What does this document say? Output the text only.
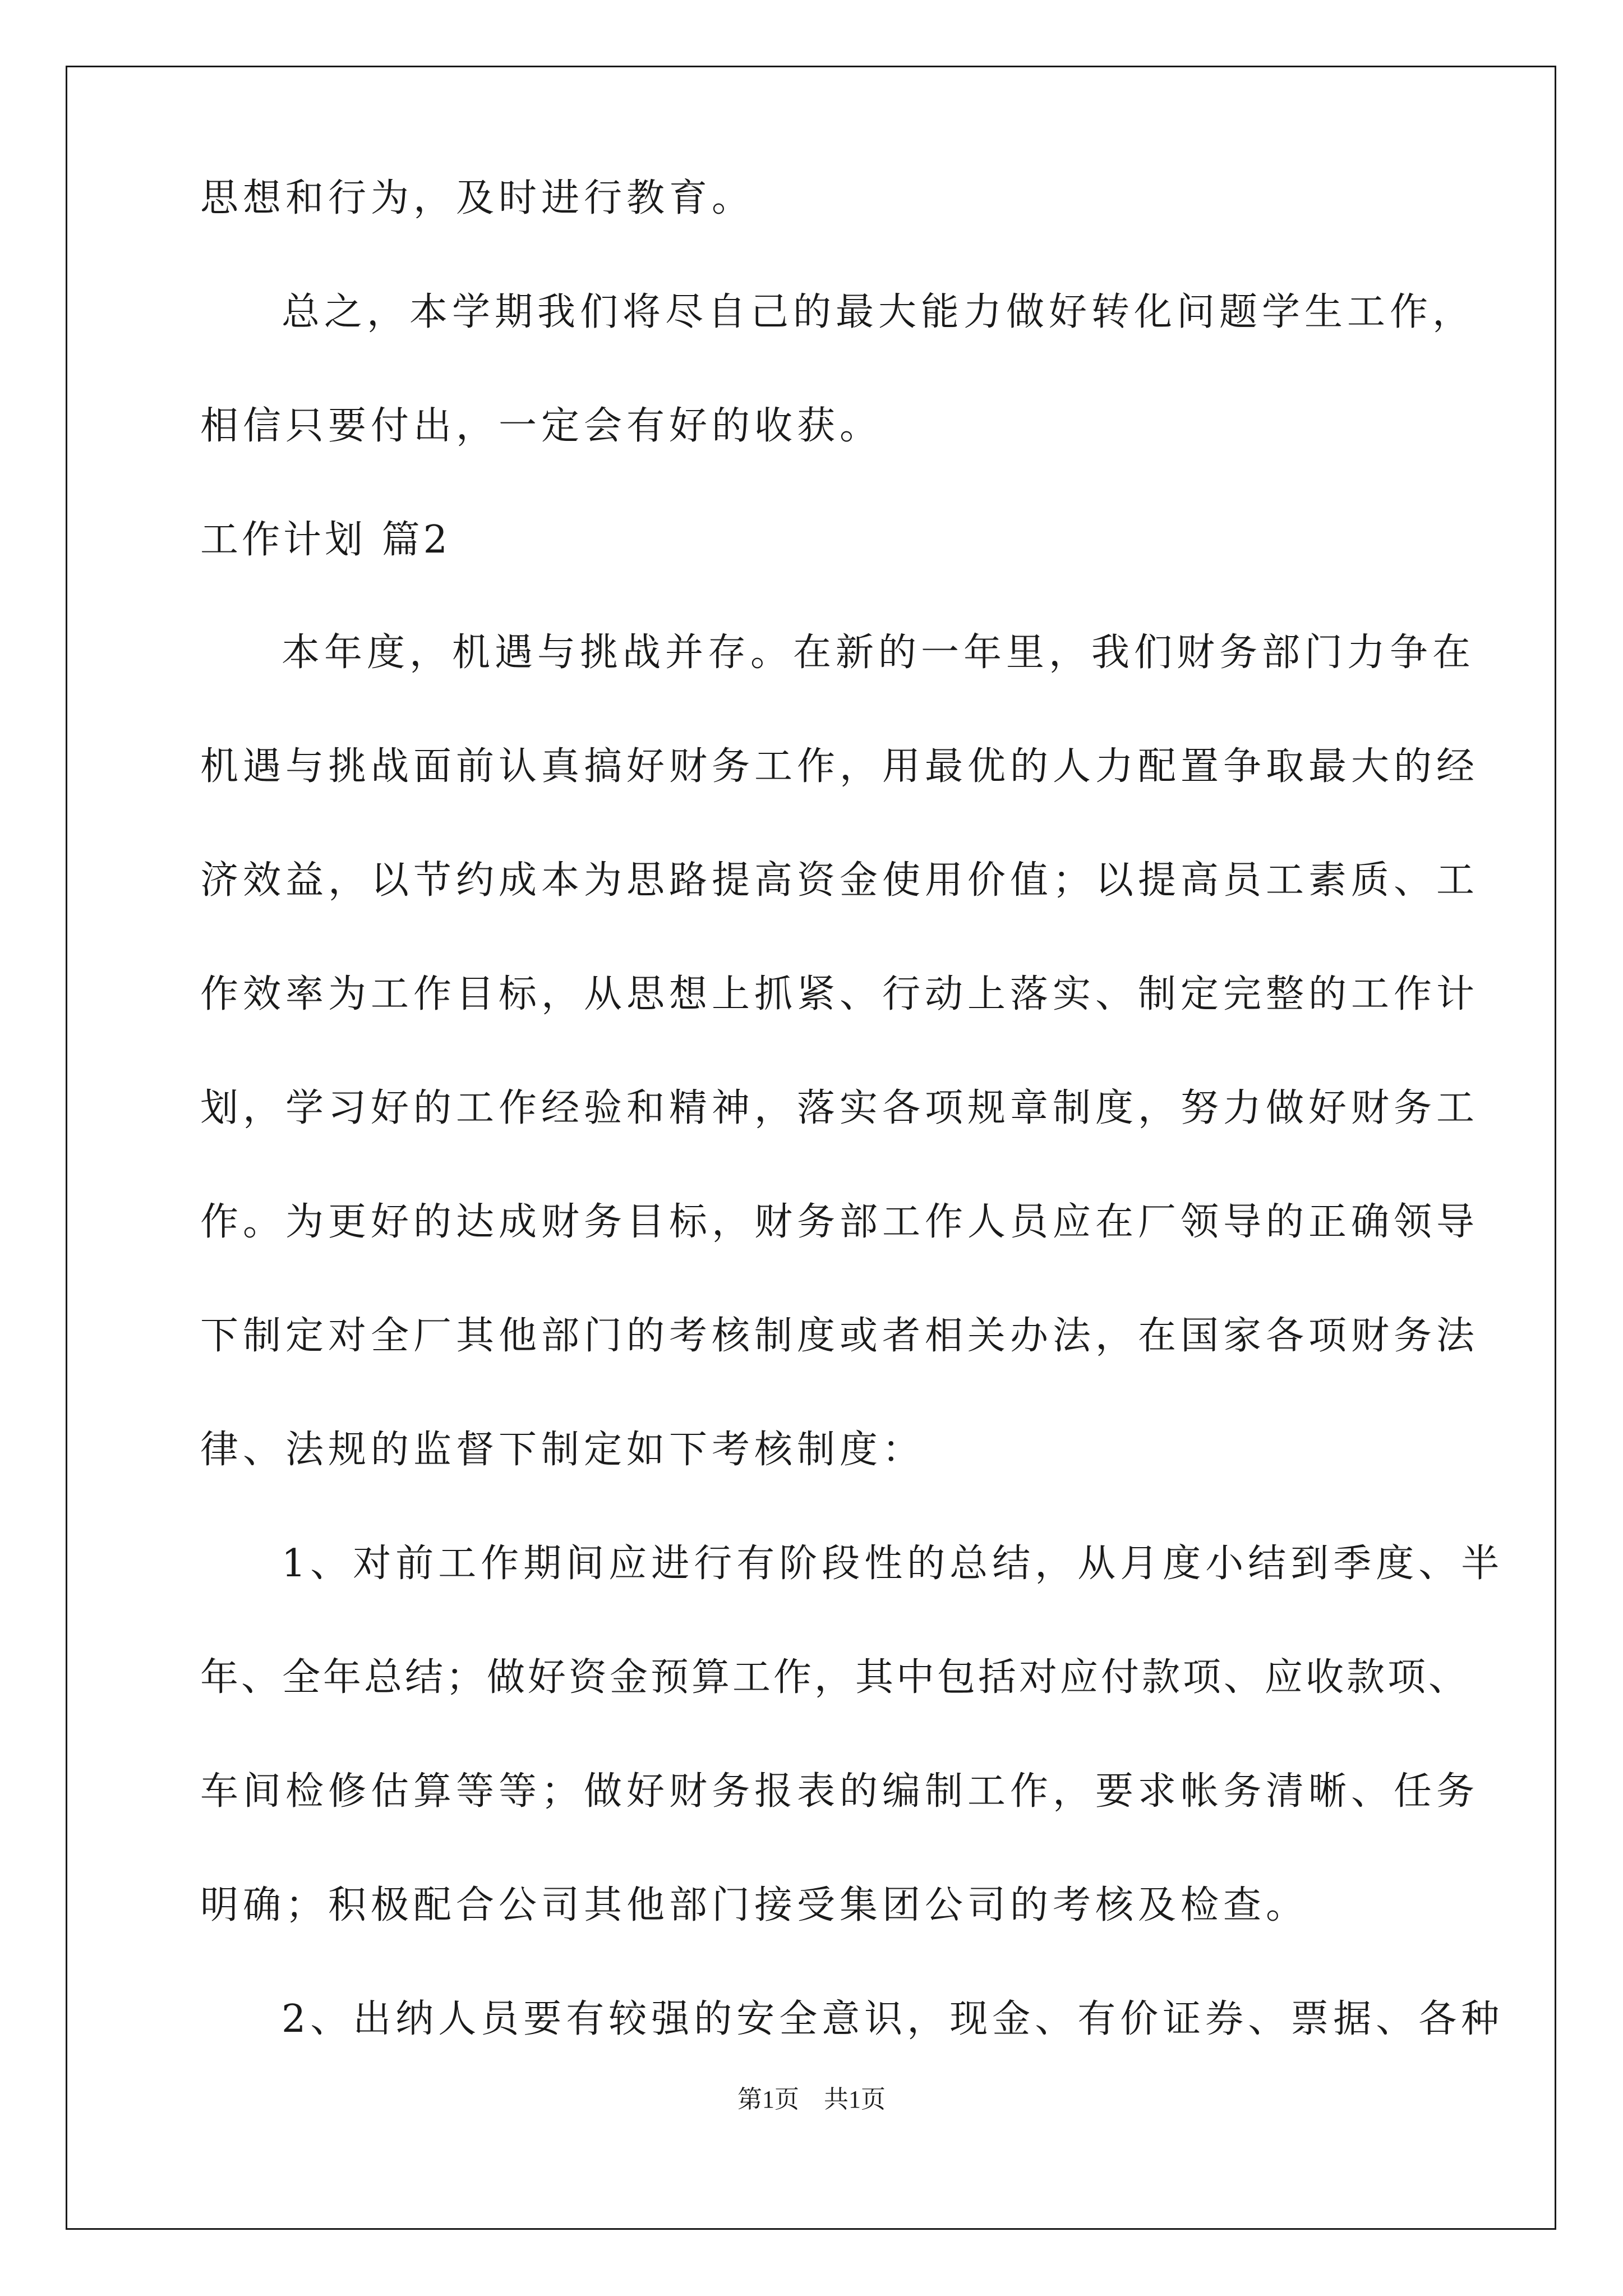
思想和行为，及时进行教育。
总之，本学期我们将尽自己的最大能力做好转化问题学生工作，
相信只要付出，一定会有好的收获。
工作计划 篇2
本年度，机遇与挑战并存。在新的一年里，我们财务部门力争在
机遇与挑战面前认真搞好财务工作，用最优的人力配置争取最大的经
济效益，以节约成本为思路提高资金使用价值；以提高员工素质、工
作效率为工作目标，从思想上抓紧、行动上落实、制定完整的工作计
划，学习好的工作经验和精神，落实各项规章制度，努力做好财务工
作。为更好的达成财务目标，财务部工作人员应在厂领导的正确领导
下制定对全厂其他部门的考核制度或者相关办法，在国家各项财务法
律、法规的监督下制定如下考核制度：
1、对前工作期间应进行有阶段性的总结，从月度小结到季度、半
年、全年总结；做好资金预算工作，其中包括对应付款项、应收款项、
车间检修估算等等；做好财务报表的编制工作，要求帐务清晰、任务
明确；积极配合公司其他部门接受集团公司的考核及检查。
2、出纳人员要有较强的安全意识，现金、有价证券、票据、各种
第1页 共1页
